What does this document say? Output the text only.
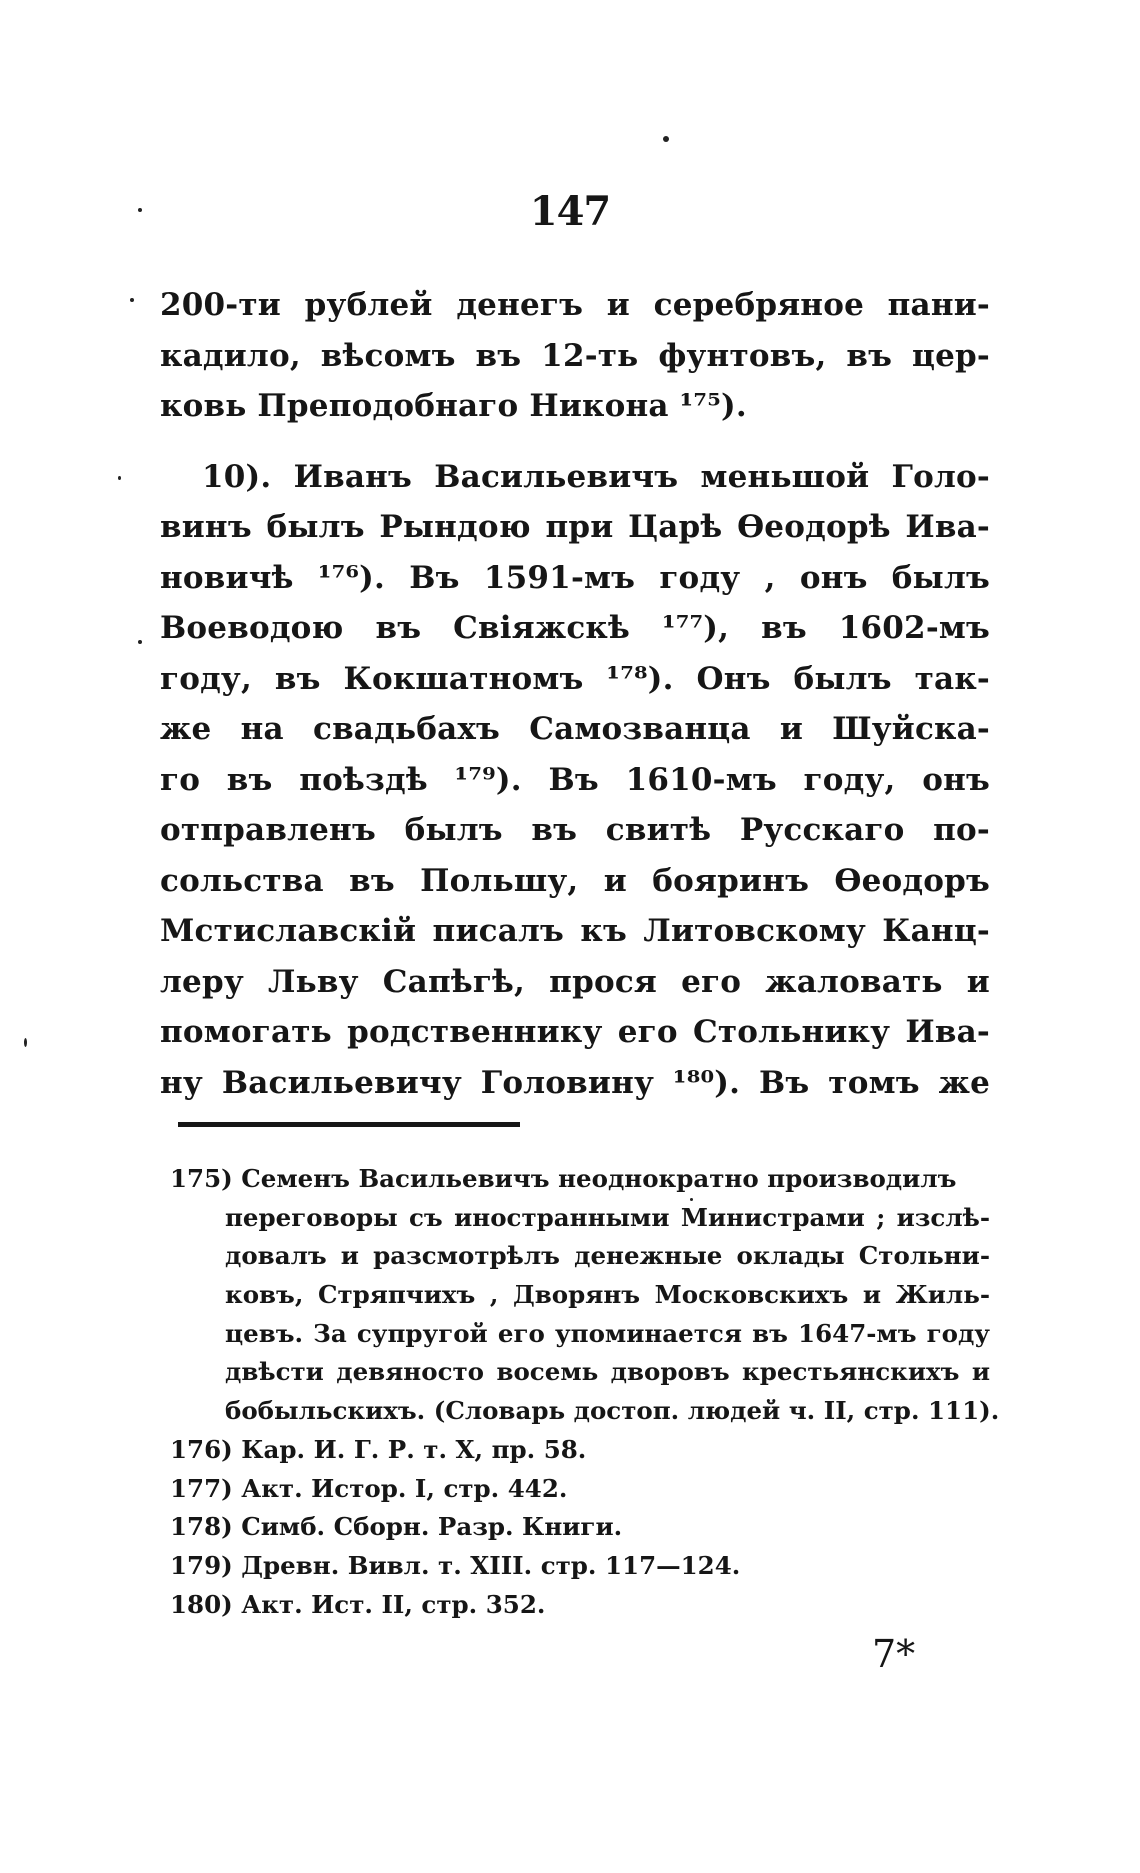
147
200-ти рублей денегъ и серебряное пани-
кадило, вѣсомъ въ 12-ть фунтовъ, въ цер-
ковь Преподобнаго Никона ¹⁷⁵).
10). Иванъ Васильевичъ меньшой Голо-
винъ былъ Рындою при Царѣ Ѳеодорѣ Ива-
новичѣ ¹⁷⁶). Въ 1591-мъ году , онъ былъ
Воеводою въ Свіяжскѣ ¹⁷⁷), въ 1602-мъ
году, въ Кокшатномъ ¹⁷⁸). Онъ былъ так-
же на свадьбахъ Самозванца и Шуйска-
го въ поѣздѣ ¹⁷⁹). Въ 1610-мъ году, онъ
отправленъ былъ въ свитѣ Русскаго по-
сольства въ Польшу, и бояринъ Ѳеодоръ
Мстиславскій писалъ къ Литовскому Канц-
леру Льву Сапѣгѣ, прося его жаловать и
помогать родственнику его Стольнику Ива-
ну Васильевичу Головину ¹⁸⁰). Въ томъ же
175) Семенъ Васильевичъ неоднократно производилъ
переговоры съ иностранными Министрами ; изслѣ-
довалъ и разсмотрѣлъ денежные оклады Стольни-
ковъ, Стряпчихъ , Дворянъ Московскихъ и Жиль-
цевъ. За супругой его упоминается въ 1647-мъ году
двѣсти девяносто восемь дворовъ крестьянскихъ и
бобыльскихъ. (Словарь достоп. людей ч. II, стр. 111).
176) Кар. И. Г. Р. т. X, пр. 58.
177) Акт. Истор. I, стр. 442.
178) Симб. Сборн. Разр. Книги.
179) Древн. Вивл. т. XIII. стр. 117—124.
180) Акт. Ист. II, стр. 352.
7*
